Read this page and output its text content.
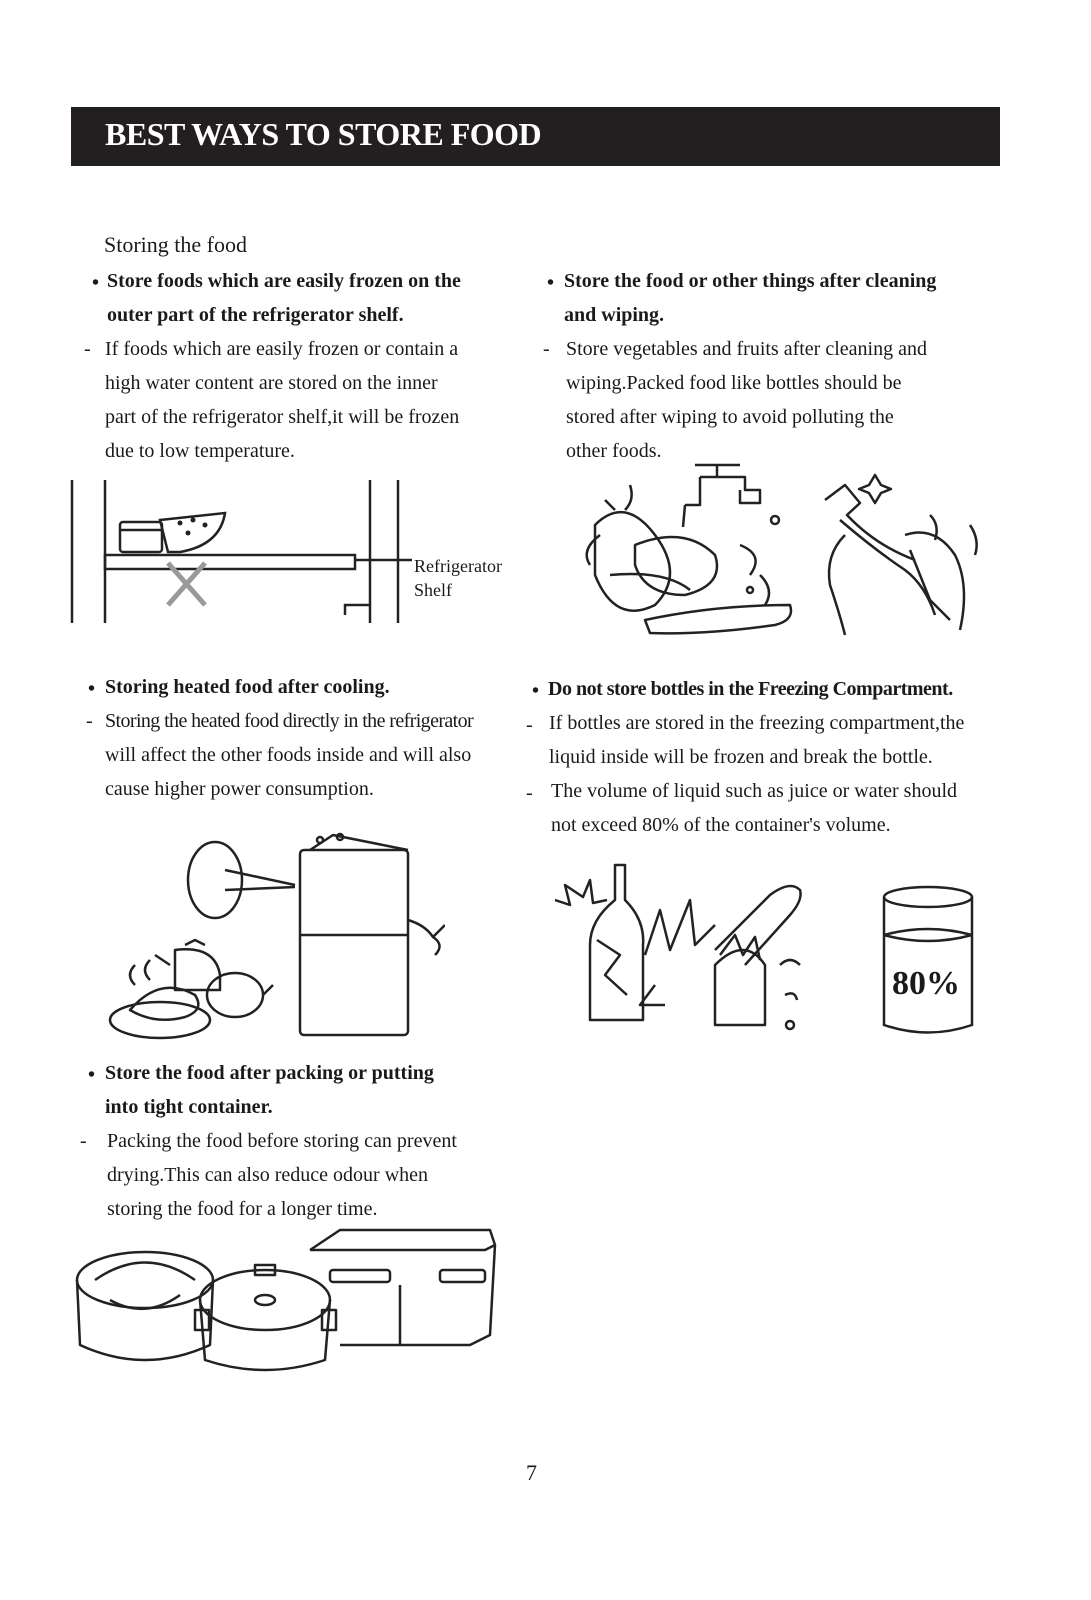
BEST WAYS TO STORE FOOD
Storing the food
• Store foods which are easily frozen on the
outer part of the refrigerator shelf.
- If foods which are easily frozen or contain a
high water content are stored on the inner
part of the refrigerator shelf,it will be frozen
due to low temperature.
• Store the food or other things after cleaning
and wiping.
- Store vegetables and fruits after cleaning and
wiping.Packed food like bottles should be
stored after wiping to avoid polluting the
other foods.
Refrigerator
Shelf
• Storing heated food after cooling.
- Storing the heated food directly in the refrigerator
will affect the other foods inside and will also
cause higher power consumption.
• Do not store bottles in the Freezing Compartment.
- If bottles are stored in the freezing compartment,the
liquid inside will be frozen and break the bottle.
- The volume of liquid such as juice or water should
not exceed 80% of the container's volume.
80%
• Store the food after packing or putting
into tight container.
- Packing the food before storing can prevent
drying.This can also reduce odour when
storing the food for a longer time.
7
